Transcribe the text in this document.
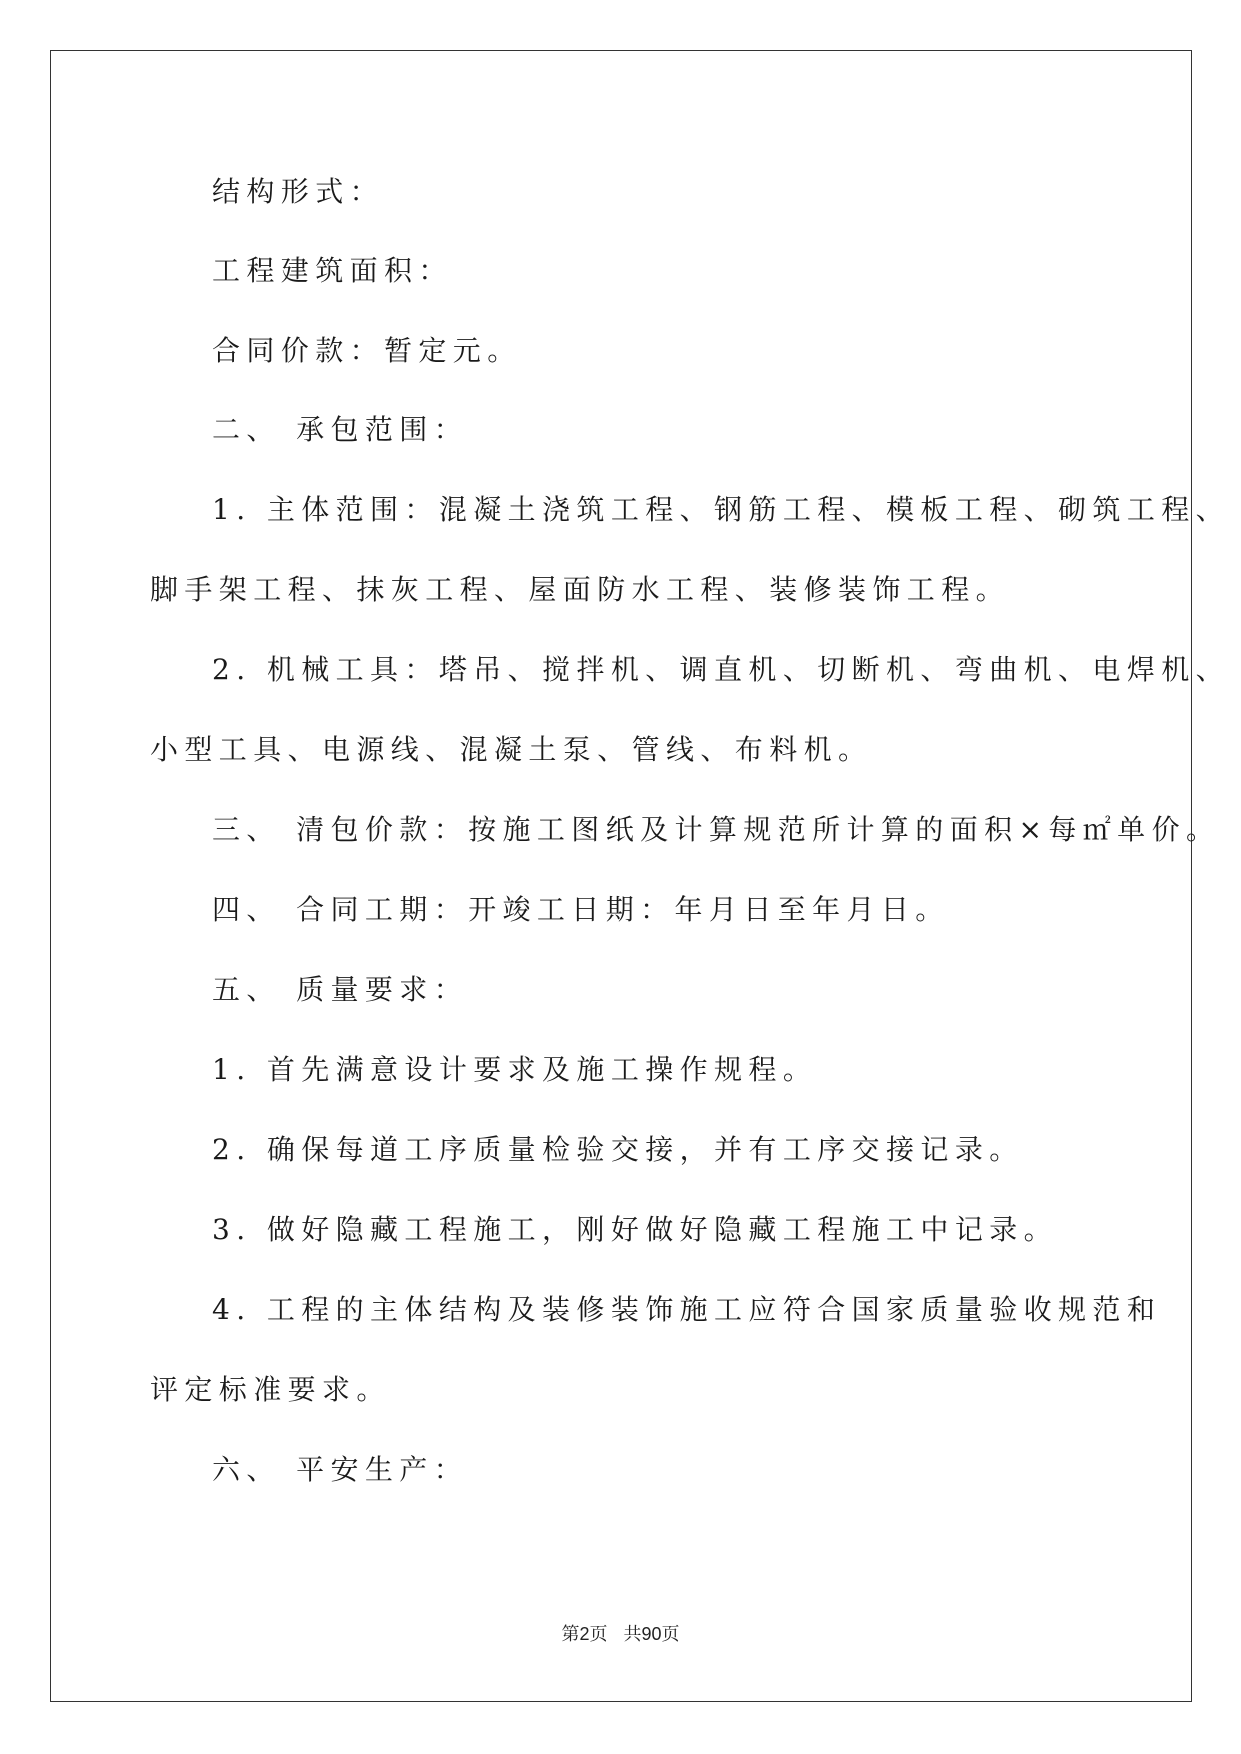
结构形式：
工程建筑面积：
合同价款：暂定元。
二、 承包范围：
1. 主体范围：混凝土浇筑工程、钢筋工程、模板工程、砌筑工程、
脚手架工程、抹灰工程、屋面防水工程、装修装饰工程。
2. 机械工具：塔吊、搅拌机、调直机、切断机、弯曲机、电焊机、
小型工具、电源线、混凝土泵、管线、布料机。
三、 清包价款：按施工图纸及计算规范所计算的面积×每㎡单价。
四、 合同工期：开竣工日期：年月日至年月日。
五、 质量要求：
1. 首先满意设计要求及施工操作规程。
2. 确保每道工序质量检验交接，并有工序交接记录。
3. 做好隐藏工程施工，刚好做好隐藏工程施工中记录。
4. 工程的主体结构及装修装饰施工应符合国家质量验收规范和
评定标准要求。
六、 平安生产：
第2页 共90页
